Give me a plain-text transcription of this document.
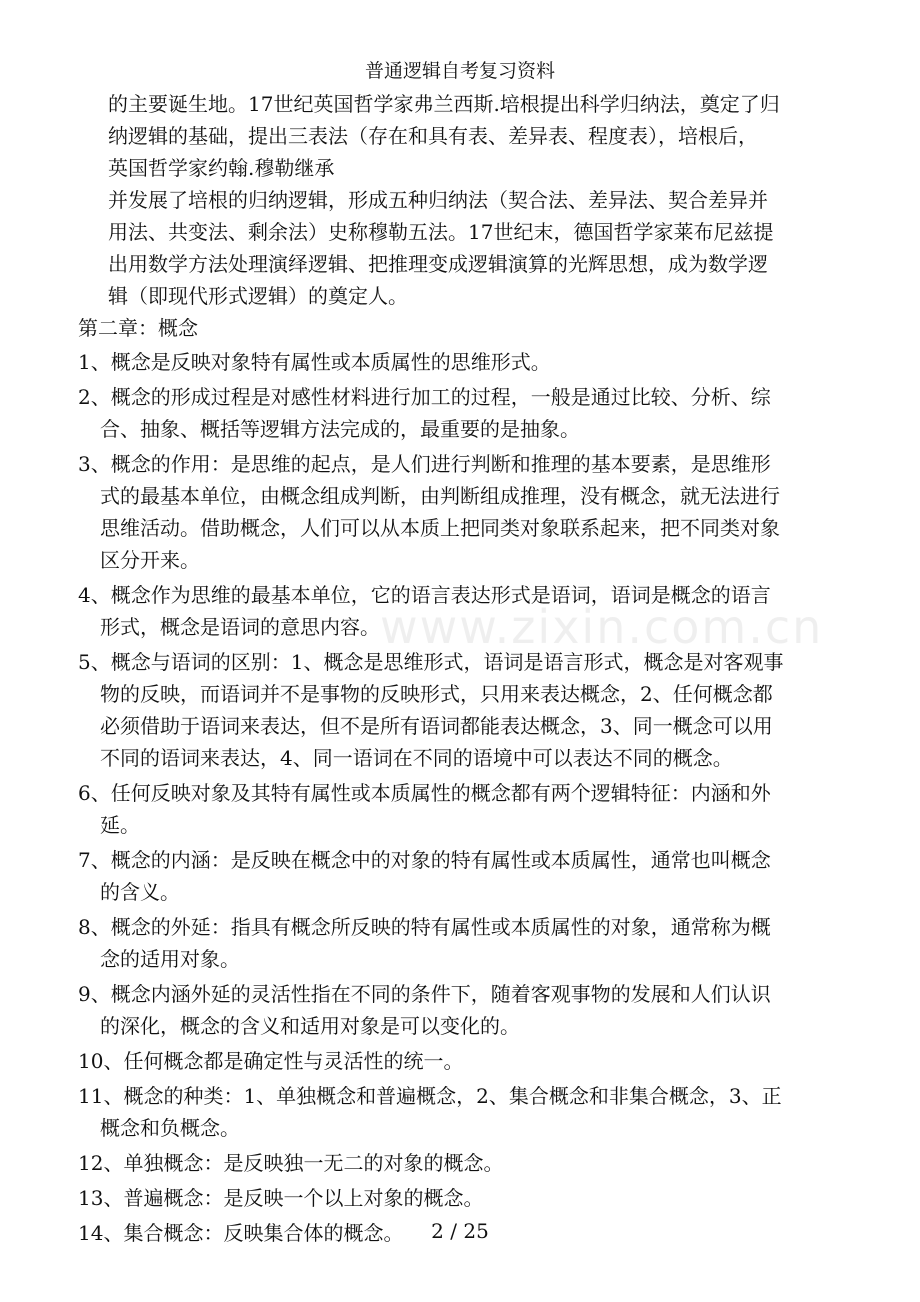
普通逻辑自考复习资料
www.zixin.com.cn
的主要诞生地。17世纪英国哲学家弗兰西斯.培根提出科学归纳法，奠定了归
纳逻辑的基础，提出三表法（存在和具有表、差异表、程度表），培根后，
英国哲学家约翰.穆勒继承
并发展了培根的归纳逻辑，形成五种归纳法（契合法、差异法、契合差异并
用法、共变法、剩余法）史称穆勒五法。17世纪末，德国哲学家莱布尼兹提
出用数学方法处理演绎逻辑、把推理变成逻辑演算的光辉思想，成为数学逻
辑（即现代形式逻辑）的奠定人。
第二章：概念
1、概念是反映对象特有属性或本质属性的思维形式。
2、概念的形成过程是对感性材料进行加工的过程，一般是通过比较、分析、综
合、抽象、概括等逻辑方法完成的，最重要的是抽象。
3、概念的作用：是思维的起点，是人们进行判断和推理的基本要素，是思维形
式的最基本单位，由概念组成判断，由判断组成推理，没有概念，就无法进行
思维活动。借助概念，人们可以从本质上把同类对象联系起来，把不同类对象
区分开来。
4、概念作为思维的最基本单位，它的语言表达形式是语词，语词是概念的语言
形式，概念是语词的意思内容。
5、概念与语词的区别：1、概念是思维形式，语词是语言形式，概念是对客观事
物的反映，而语词并不是事物的反映形式，只用来表达概念，2、任何概念都
必须借助于语词来表达，但不是所有语词都能表达概念，3、同一概念可以用
不同的语词来表达，4、同一语词在不同的语境中可以表达不同的概念。
6、任何反映对象及其特有属性或本质属性的概念都有两个逻辑特征：内涵和外
延。
7、概念的内涵：是反映在概念中的对象的特有属性或本质属性，通常也叫概念
的含义。
8、概念的外延：指具有概念所反映的特有属性或本质属性的对象，通常称为概
念的适用对象。
9、概念内涵外延的灵活性指在不同的条件下，随着客观事物的发展和人们认识
的深化，概念的含义和适用对象是可以变化的。
10、任何概念都是确定性与灵活性的统一。
11、概念的种类：1、单独概念和普遍概念，2、集合概念和非集合概念，3、正
概念和负概念。
12、单独概念：是反映独一无二的对象的概念。
13、普遍概念：是反映一个以上对象的概念。
14、集合概念：反映集合体的概念。	2 / 25
